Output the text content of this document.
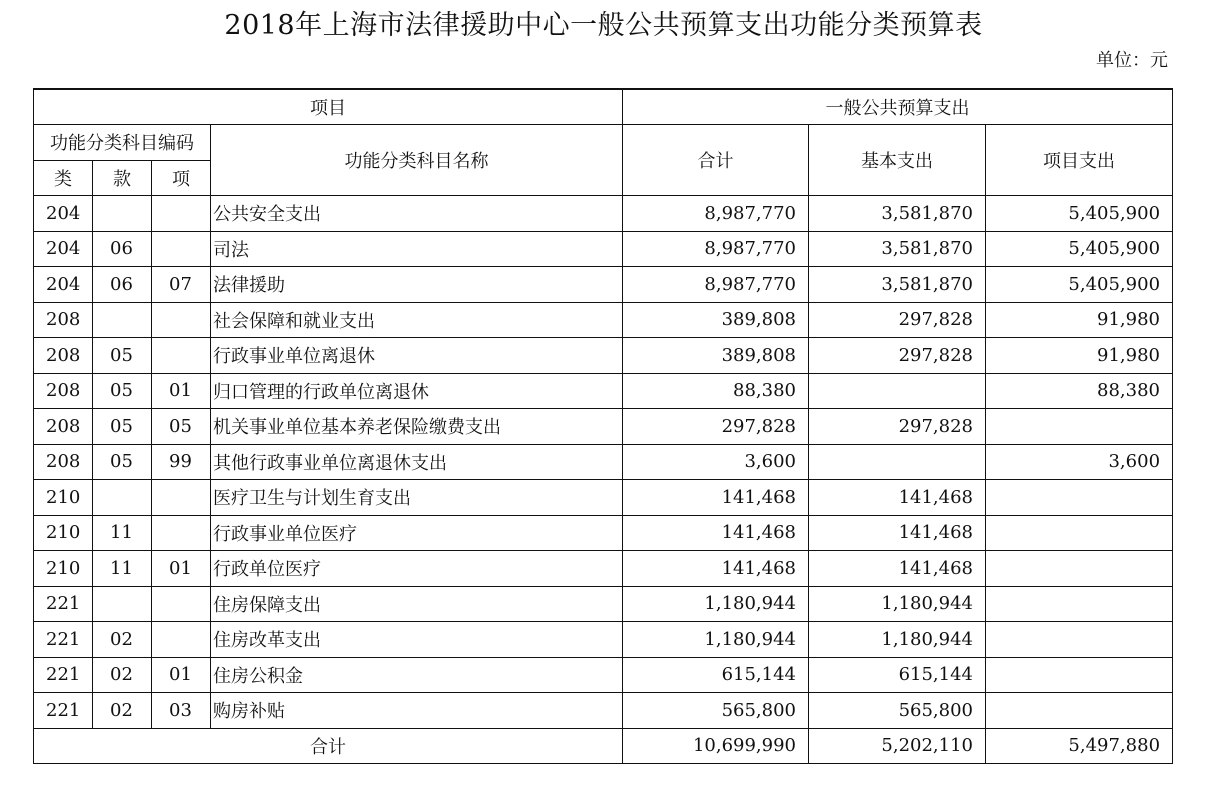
2018年上海市法律援助中心一般公共预算支出功能分类预算表
单位：元
项目				一般公共预算支出		
功能分类科目编码			功能分类科目名称	合计	基本支出	项目支出
类	款	项				
204			公共安全支出	8,987,770	3,581,870	5,405,900
204	06		司法	8,987,770	3,581,870	5,405,900
204	06	07	法律援助	8,987,770	3,581,870	5,405,900
208			社会保障和就业支出	389,808	297,828	91,980
208	05		行政事业单位离退休	389,808	297,828	91,980
208	05	01	归口管理的行政单位离退休	88,380		88,380
208	05	05	机关事业单位基本养老保险缴费支出	297,828	297,828	
208	05	99	其他行政事业单位离退休支出	3,600		3,600
210			医疗卫生与计划生育支出	141,468	141,468	
210	11		行政事业单位医疗	141,468	141,468	
210	11	01	行政单位医疗	141,468	141,468	
221			住房保障支出	1,180,944	1,180,944	
221	02		住房改革支出	1,180,944	1,180,944	
221	02	01	住房公积金	615,144	615,144	
221	02	03	购房补贴	565,800	565,800	
合计				10,699,990	5,202,110	5,497,880
